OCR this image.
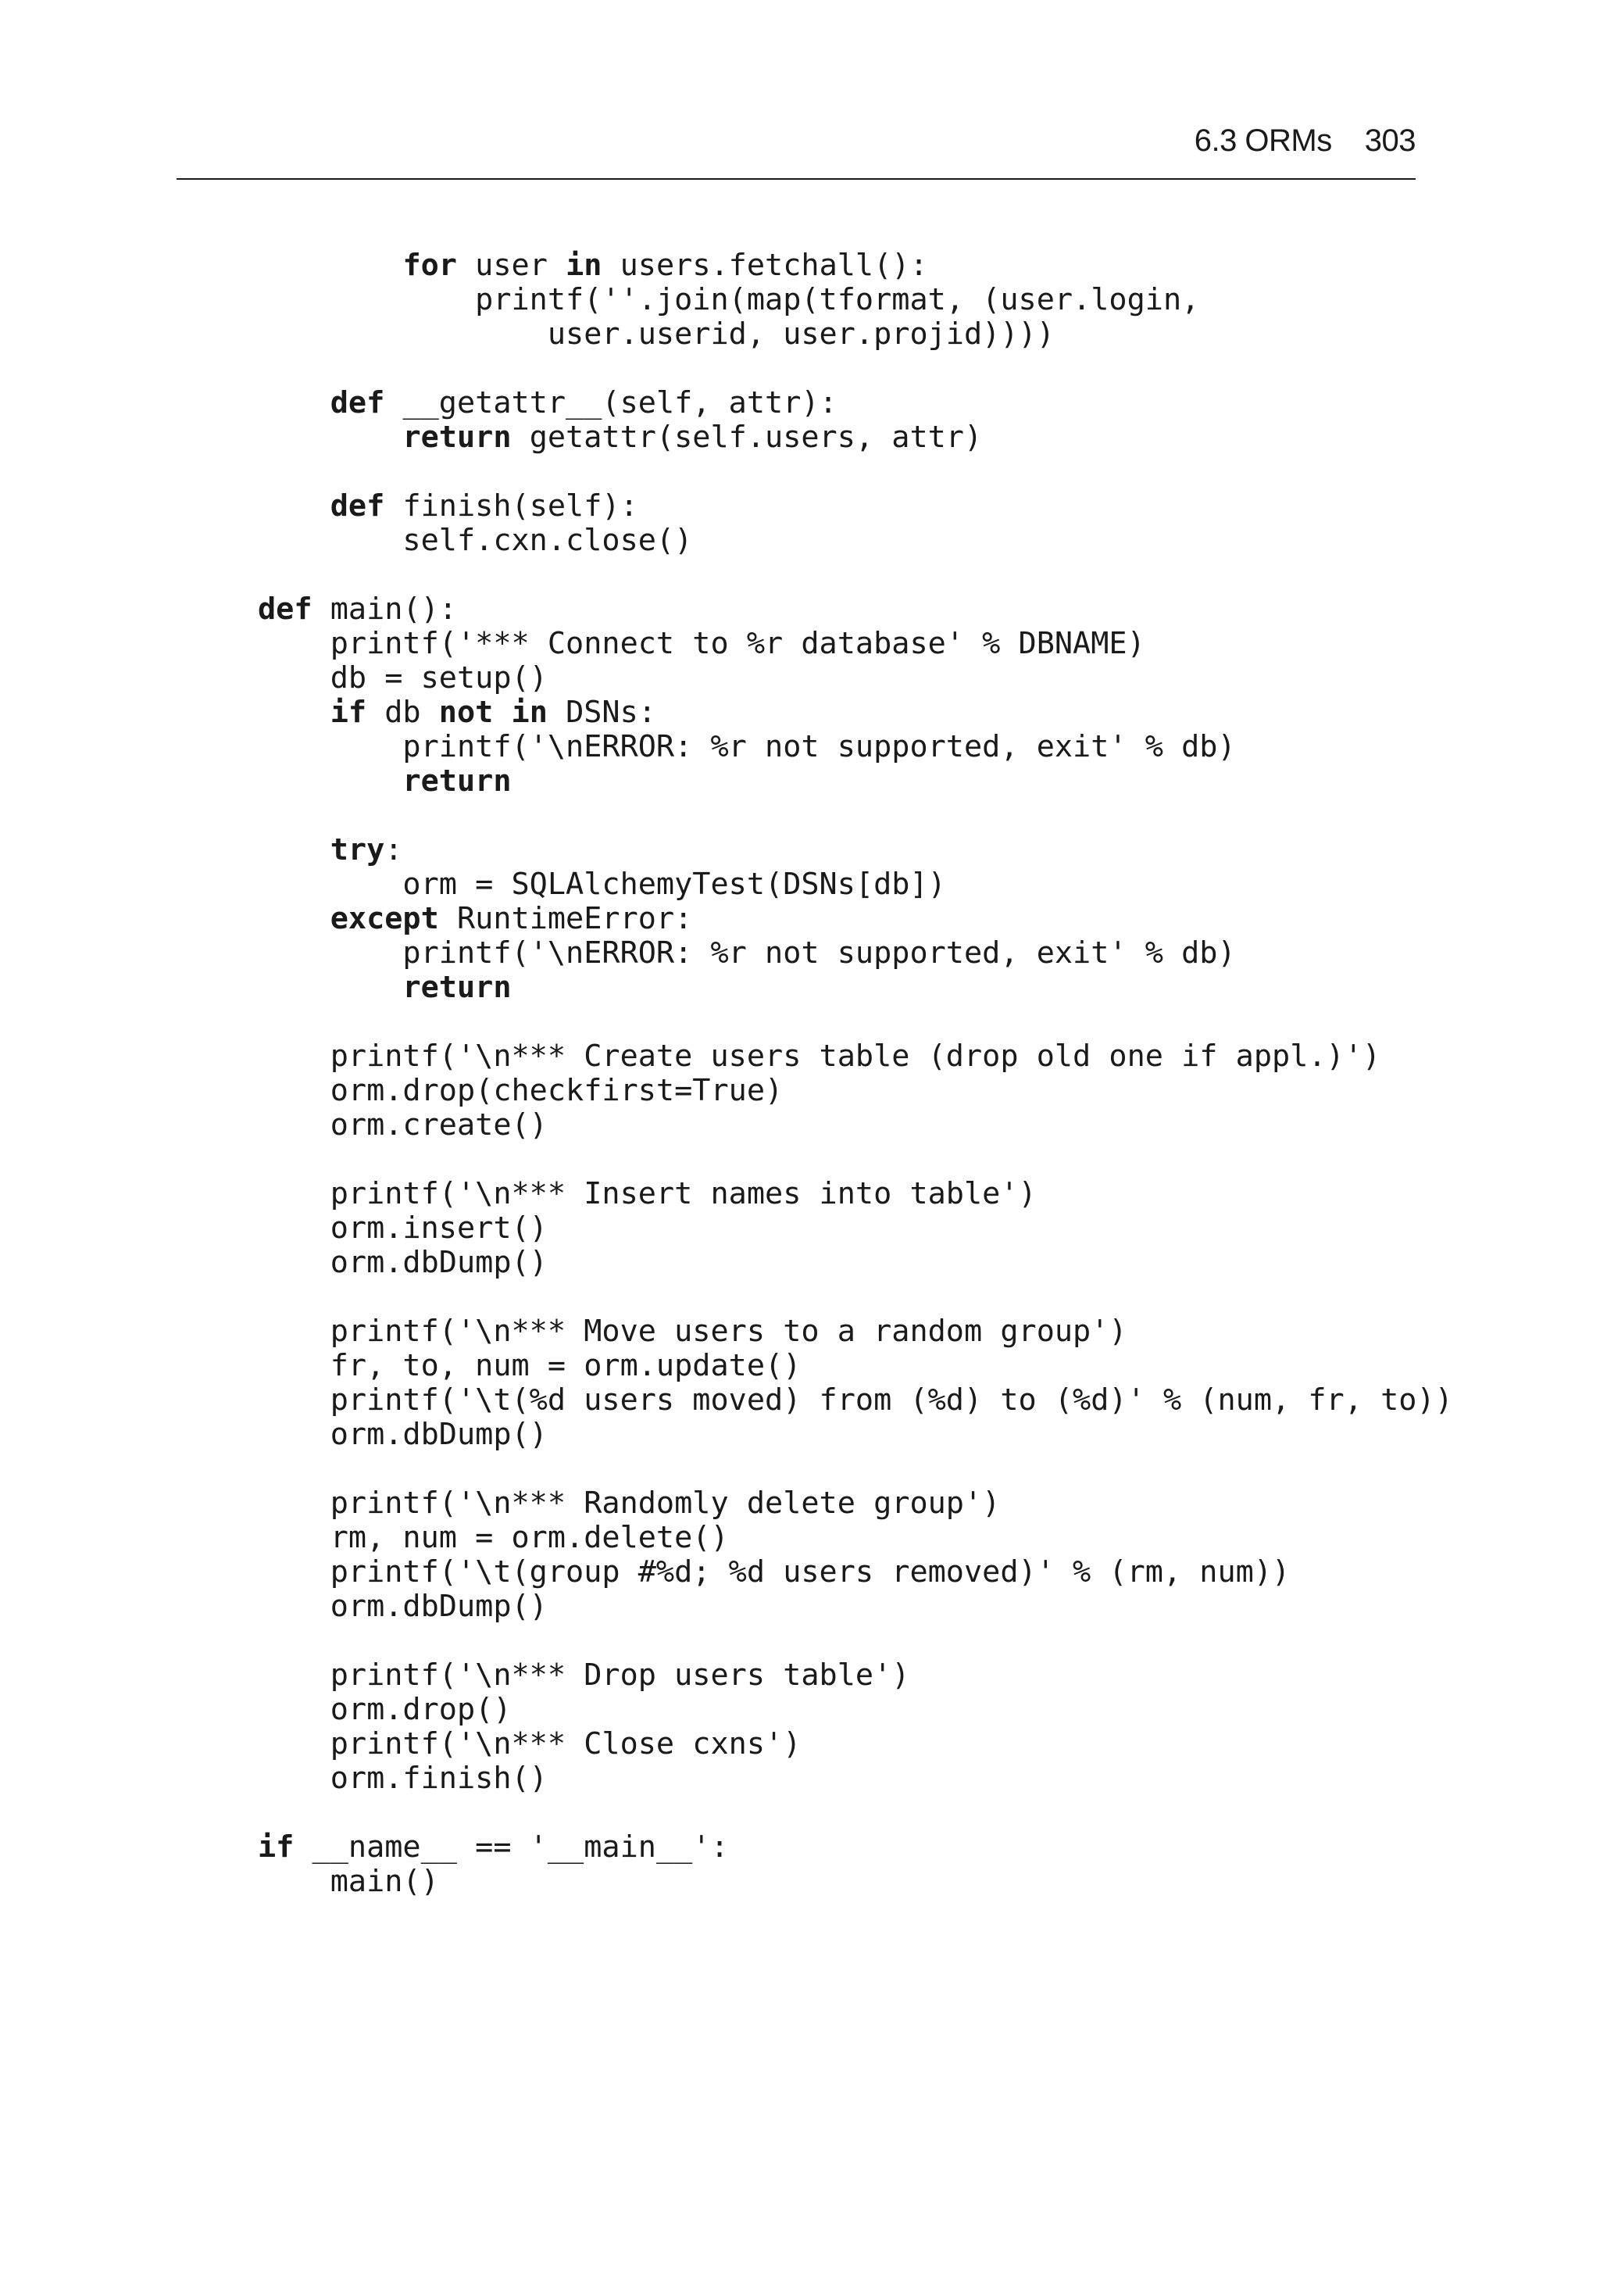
6.3 ORMs 303
for user in users.fetchall():
printf(''.join(map(tformat, (user.login,
user.userid, user.projid))))
def __getattr__(self, attr):
return getattr(self.users, attr)
def finish(self):
self.cxn.close()
def main():
printf('*** Connect to %r database' % DBNAME)
db = setup()
if db not in DSNs:
printf('\nERROR: %r not supported, exit' % db)
return
try:
orm = SQLAlchemyTest(DSNs[db])
except RuntimeError:
printf('\nERROR: %r not supported, exit' % db)
return
printf('\n*** Create users table (drop old one if appl.)')
orm.drop(checkfirst=True)
orm.create()
printf('\n*** Insert names into table')
orm.insert()
orm.dbDump()
printf('\n*** Move users to a random group')
fr, to, num = orm.update()
printf('\t(%d users moved) from (%d) to (%d)' % (num, fr, to))
orm.dbDump()
printf('\n*** Randomly delete group')
rm, num = orm.delete()
printf('\t(group #%d; %d users removed)' % (rm, num))
orm.dbDump()
printf('\n*** Drop users table')
orm.drop()
printf('\n*** Close cxns')
orm.finish()
if __name__ == '__main__':
main()
